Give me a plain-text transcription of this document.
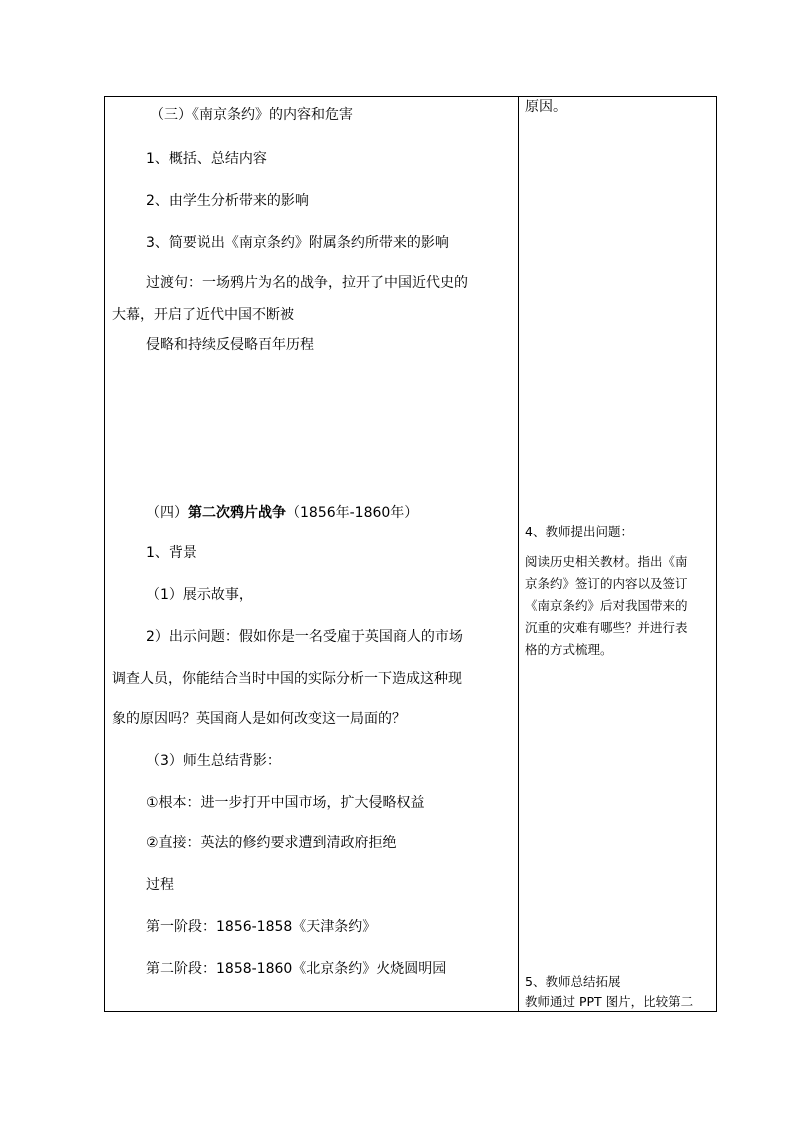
（三）《南京条约》的内容和危害
1、概括、总结内容
2、由学生分析带来的影响
3、简要说出《南京条约》附属条约所带来的影响
过渡句：一场鸦片为名的战争，拉开了中国近代史的
大幕，开启了近代中国不断被
侵略和持续反侵略百年历程
（四）第二次鸦片战争（1856年-1860年）
1、背景
（1）展示故事，
2）出示问题：假如你是一名受雇于英国商人的市场
调查人员，你能结合当时中国的实际分析一下造成这种现
象的原因吗？英国商人是如何改变这一局面的？
（3）师生总结背影：
①根本：进一步打开中国市场，扩大侵略权益
②直接：英法的修约要求遭到清政府拒绝
过程
第一阶段：1856-1858《天津条约》
第二阶段：1858-1860《北京条约》火烧圆明园
原因。
4、教师提出问题：
阅读历史相关教材。指出《南
京条约》签订的内容以及签订
《南京条约》后对我国带来的
沉重的灾难有哪些？并进行表
格的方式梳理。
5、教师总结拓展
教师通过 PPT 图片，比较第二
